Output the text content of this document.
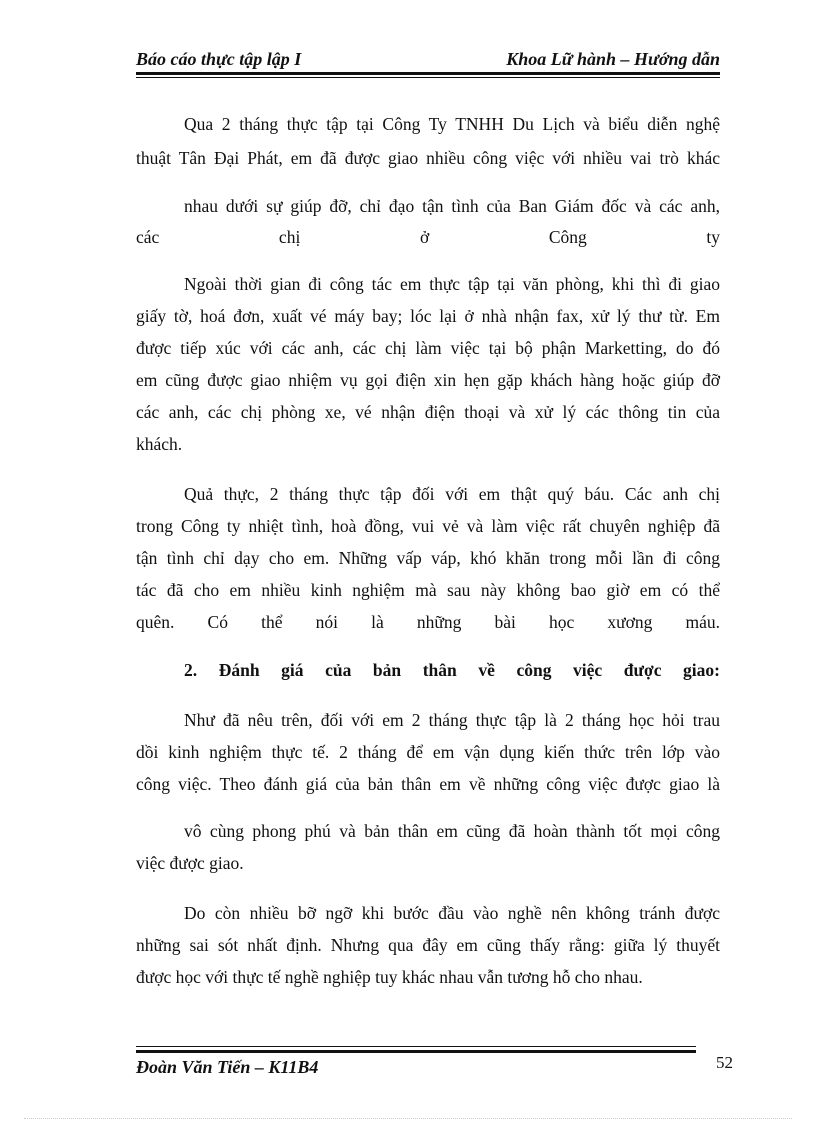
Báo cáo thực tập lập I	Khoa Lữ hành – Hướng dẫn
Qua 2 tháng thực tập tại Công Ty TNHH Du Lịch và biểu diễn nghệ
thuật Tân Đại Phát, em đã được giao nhiều công việc với nhiều vai trò khác
nhau dưới sự giúp đỡ, chỉ đạo tận tình của Ban Giám đốc và các anh,
các chị ở Công ty
Ngoài thời gian đi công tác em thực tập tại văn phòng, khi thì đi giao
giấy tờ, hoá đơn, xuất vé máy bay; lóc lại ở nhà nhận fax, xử lý thư từ. Em
được tiếp xúc với các anh, các chị làm việc tại bộ phận Marketting, do đó
em cũng được giao nhiệm vụ gọi điện xin hẹn gặp khách hàng hoặc giúp đỡ
các anh, các chị phòng xe, vé nhận điện thoại và xử lý các thông tin của
khách.
Quả thực, 2 tháng thực tập đối với em thật quý báu. Các anh chị
trong Công ty nhiệt tình, hoà đồng, vui vẻ và làm việc rất chuyên nghiệp đã
tận tình chỉ dạy cho em. Những vấp váp, khó khăn trong mỗi lần đi công
tác đã cho em nhiều kinh nghiệm mà sau này không bao giờ em có thể
quên. Có thể nói là những bài học xương máu.
2. Đánh giá của bản thân về công việc được giao:
Như đã nêu trên, đối với em 2 tháng thực tập là 2 tháng học hỏi trau
dồi kinh nghiệm thực tế. 2 tháng để em vận dụng kiến thức trên lớp vào
công việc. Theo đánh giá của bản thân em về những công việc được giao là
vô cùng phong phú và bản thân em cũng đã hoàn thành tốt mọi công
việc được giao.
Do còn nhiều bỡ ngỡ khi bước đầu vào nghề nên không tránh được
những sai sót nhất định. Nhưng qua đây em cũng thấy rằng: giữa lý thuyết
được học với thực tế nghề nghiệp tuy khác nhau vẫn tương hỗ cho nhau.
Đoàn Văn Tiến – K11B4	52
